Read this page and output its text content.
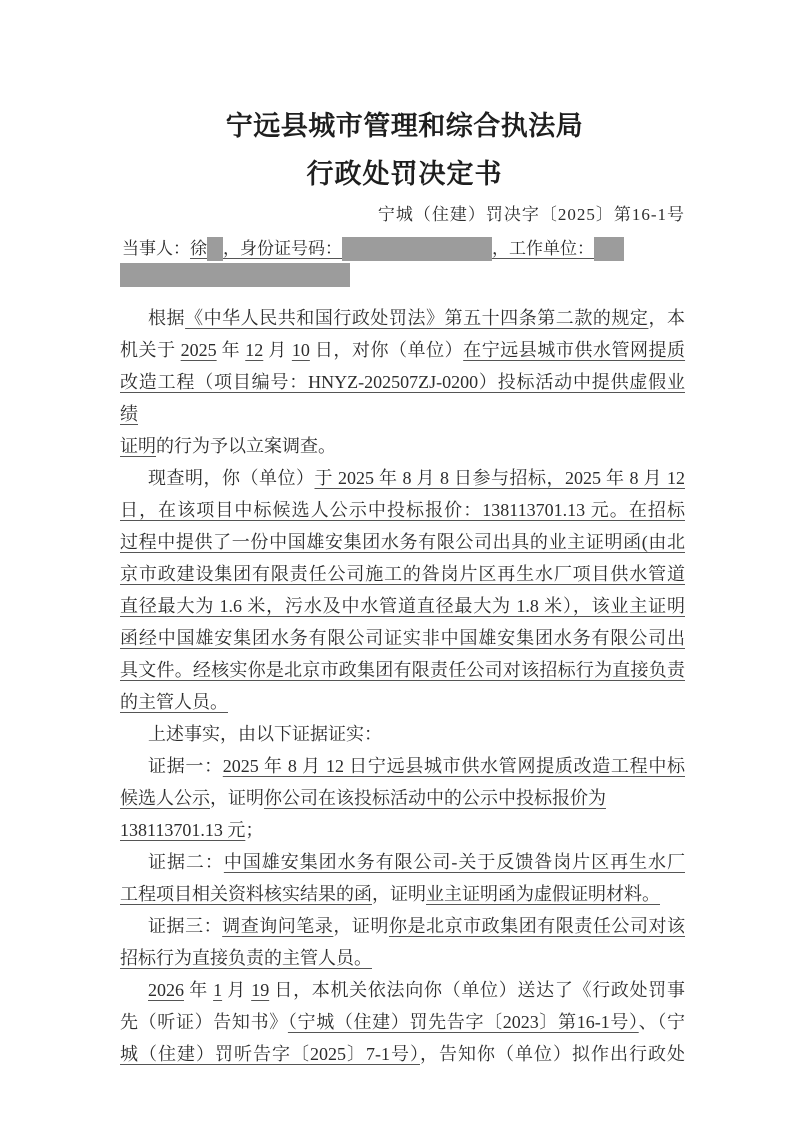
宁远县城市管理和综合执法局
行政处罚决定书
宁城（住建）罚决字〔2025〕第16-1号
当事人：徐 ，身份证号码：	，工作单位：
根据《中华人民共和国行政处罚法》第五十四条第二款的规定，本
机关于 2025 年 12 月 10 日，对你（单位）在宁远县城市供水管网提质
改造工程（项目编号：HNYZ-202507ZJ-0200）投标活动中提供虚假业绩
证明的行为予以立案调查。
现查明，你（单位）于 2025 年 8 月 8 日参与招标，2025 年 8 月 12
日，在该项目中标候选人公示中投标报价：138113701.13 元。在招标
过程中提供了一份中国雄安集团水务有限公司出具的业主证明函(由北
京市政建设集团有限责任公司施工的昝岗片区再生水厂项目供水管道
直径最大为 1.6 米，污水及中水管道直径最大为 1.8 米），该业主证明
函经中国雄安集团水务有限公司证实非中国雄安集团水务有限公司出
具文件。经核实你是北京市政集团有限责任公司对该招标行为直接负责
的主管人员。
上述事实，由以下证据证实：
证据一：2025 年 8 月 12 日宁远县城市供水管网提质改造工程中标
候选人公示，证明你公司在该投标活动中的公示中投标报价为
138113701.13 元；
证据二：中国雄安集团水务有限公司-关于反馈昝岗片区再生水厂
工程项目相关资料核实结果的函，证明业主证明函为虚假证明材料。
证据三：调查询问笔录，证明你是北京市政集团有限责任公司对该
招标行为直接负责的主管人员。
2026 年 1 月 19 日，本机关依法向你（单位）送达了《行政处罚事
先（听证）告知书》（宁城（住建）罚先告字〔2023〕第16-1号）、（宁
城（住建）罚听告字〔2025〕7-1号），告知你（单位）拟作出行政处
